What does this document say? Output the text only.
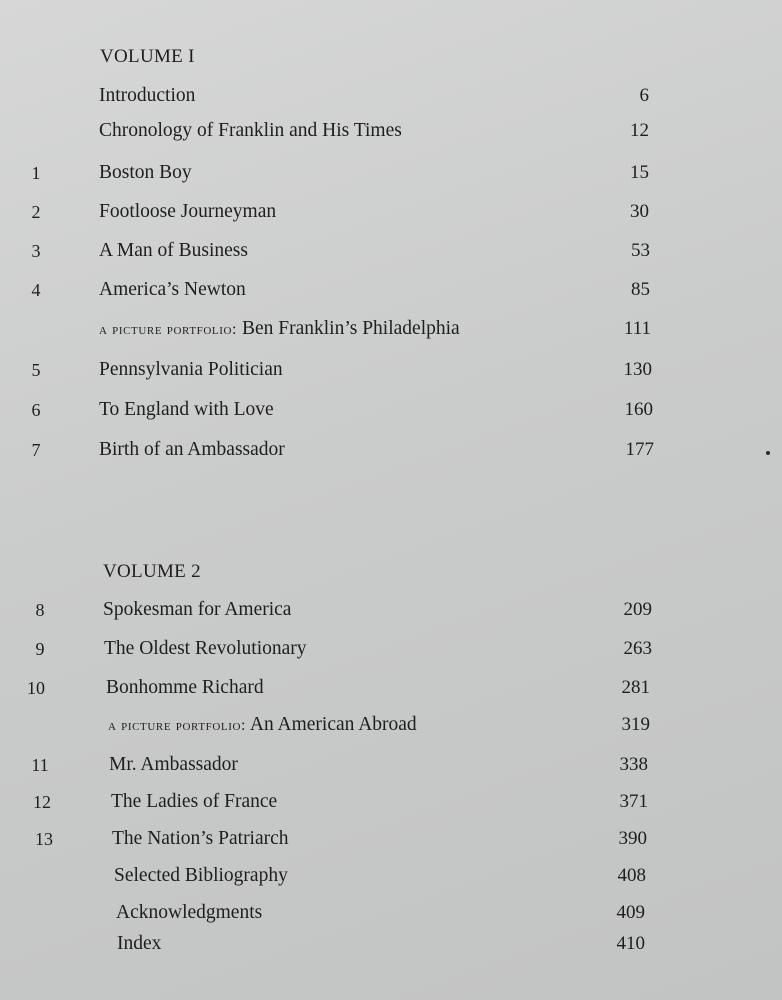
VOLUME I
Introduction	6
Chronology of Franklin and His Times	12
1	Boston Boy	15
2	Footloose Journeyman	30
3	A Man of Business	53
4	America’s Newton	85
a picture portfolio: Ben Franklin’s Philadelphia	111
5	Pennsylvania Politician	130
6	To England with Love	160
7	Birth of an Ambassador	177
VOLUME 2
8	Spokesman for America	209
9	The Oldest Revolutionary	263
10	Bonhomme Richard	281
a picture portfolio: An American Abroad	319
11	Mr. Ambassador	338
12	The Ladies of France	371
13	The Nation’s Patriarch	390
Selected Bibliography	408
Acknowledgments	409
Index	410
